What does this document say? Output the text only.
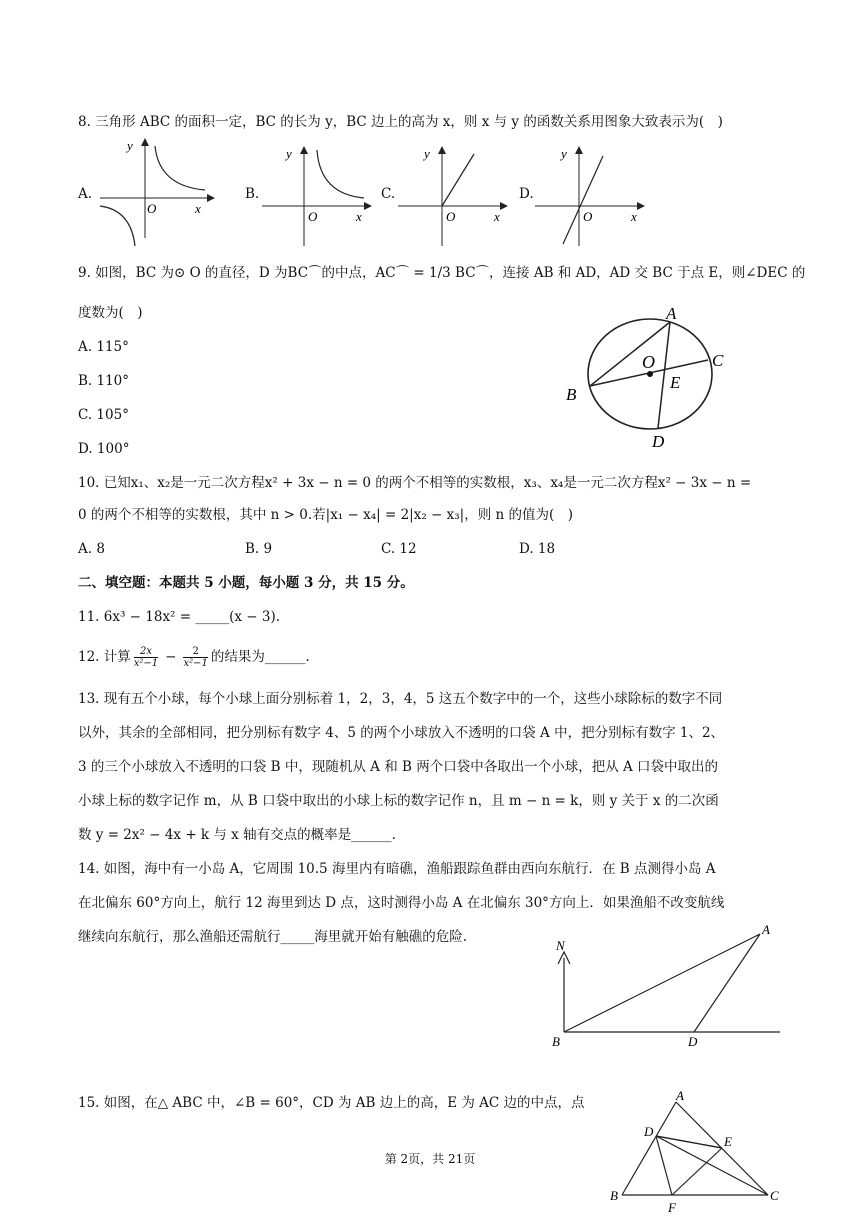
8. 三角形 ABC 的面积一定，BC 的长为 y，BC 边上的高为 x，则 x 与 y 的函数关系用图象大致表示为(　)
A.
y
x
O
B.
y
x
O
C.
y
x
O
D.
y
x
O
9. 如图，BC 为⊙ O 的直径，D 为BC⌒的中点，AC⌒ = 1/3 BC⌒，连接 AB 和 AD，AD 交 BC 于点 E，则∠DEC 的
度数为(　)
A. 115°
B. 110°
C. 105°
D. 100°
A
B
C
D
O
E
10. 已知x₁、x₂是一元二次方程x² + 3x − n = 0 的两个不相等的实数根，x₃、x₄是一元二次方程x² − 3x − n =
0 的两个不相等的实数根，其中 n > 0.若|x₁ − x₄| = 2|x₂ − x₃|，则 n 的值为(　)
A. 8	B. 9	C. 12	D. 18
二、填空题：本题共 5 小题，每小题 3 分，共 15 分。
11. 6x³ − 18x² = _____(x − 3).
12. 计算 2x
x²−1 − 2
x²−1 的结果为______.
13. 现有五个小球，每个小球上面分别标着 1，2，3，4，5 这五个数字中的一个，这些小球除标的数字不同
以外，其余的全部相同，把分别标有数字 4、5 的两个小球放入不透明的口袋 A 中，把分别标有数字 1、2、
3 的三个小球放入不透明的口袋 B 中，现随机从 A 和 B 两个口袋中各取出一个小球，把从 A 口袋中取出的
小球上标的数字记作 m，从 B 口袋中取出的小球上标的数字记作 n，且 m − n = k，则 y 关于 x 的二次函
数 y = 2x² − 4x + k 与 x 轴有交点的概率是______.
14. 如图，海中有一小岛 A，它周围 10.5 海里内有暗礁，渔船跟踪鱼群由西向东航行．在 B 点测得小岛 A
在北偏东 60°方向上，航行 12 海里到达 D 点，这时测得小岛 A 在北偏东 30°方向上．如果渔船不改变航线
继续向东航行，那么渔船还需航行_____海里就开始有触礁的危险.
N
A
B	D
15. 如图，在△ ABC 中，∠B = 60°，CD 为 AB 边上的高，E 为 AC 边的中点，点	A
B	C
D
E
F
第 2页，共 21页
